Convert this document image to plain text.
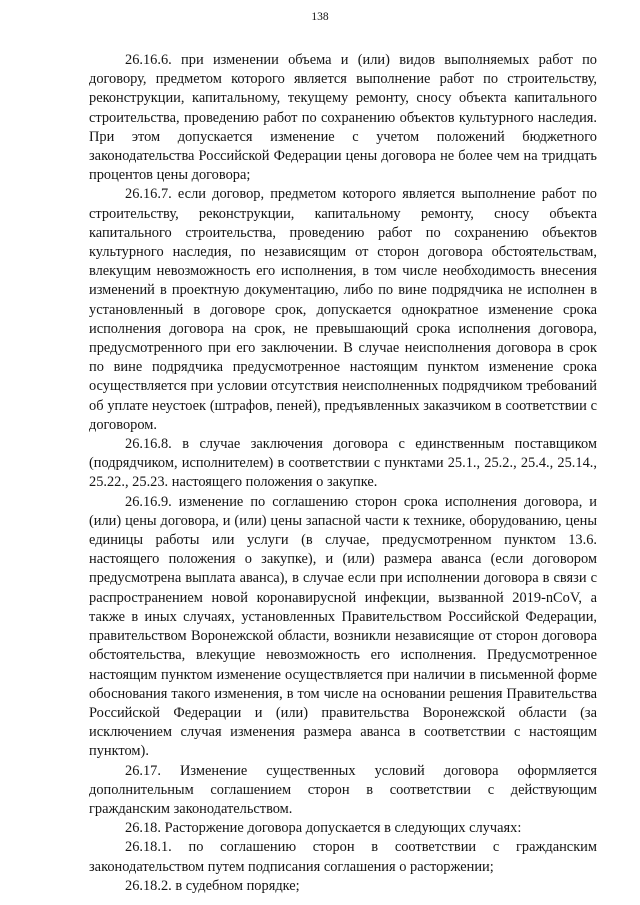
138

26.16.6. при изменении объема и (или) видов выполняемых работ по договору, предметом которого является выполнение работ по строительству, реконструкции, капитальному, текущему ремонту, сносу объекта капитального строительства, проведению работ по сохранению объектов культурного наследия. При этом допускается изменение с учетом положений бюджетного законодательства Российской Федерации цены договора не более чем на тридцать процентов цены договора;

26.16.7. если договор, предметом которого является выполнение работ по строительству, реконструкции, капитальному ремонту, сносу объекта капитального строительства, проведению работ по сохранению объектов культурного наследия, по независящим от сторон договора обстоятельствам, влекущим невозможность его исполнения, в том числе необходимость внесения изменений в проектную документацию, либо по вине подрядчика не исполнен в установленный в договоре срок, допускается однократное изменение срока исполнения договора на срок, не превышающий срока исполнения договора, предусмотренного при его заключении. В случае неисполнения договора в срок по вине подрядчика предусмотренное настоящим пунктом изменение срока осуществляется при условии отсутствия неисполненных подрядчиком требований об уплате неустоек (штрафов, пеней), предъявленных заказчиком в соответствии с договором.

26.16.8. в случае заключения договора с единственным поставщиком (подрядчиком, исполнителем) в соответствии с пунктами 25.1., 25.2., 25.4., 25.14., 25.22., 25.23. настоящего положения о закупке.

26.16.9. изменение по соглашению сторон срока исполнения договора, и (или) цены договора, и (или) цены запасной части к технике, оборудованию, цены единицы работы или услуги (в случае, предусмотренном пунктом 13.6. настоящего положения о закупке), и (или) размера аванса (если договором предусмотрена выплата аванса), в случае если при исполнении договора в связи с распространением новой коронавирусной инфекции, вызванной 2019-nCoV, а также в иных случаях, установленных Правительством Российской Федерации, правительством Воронежской области, возникли независящие от сторон договора обстоятельства, влекущие невозможность его исполнения. Предусмотренное настоящим пунктом изменение осуществляется при наличии в письменной форме обоснования такого изменения, в том числе на основании решения Правительства Российской Федерации и (или) правительства Воронежской области (за исключением случая изменения размера аванса в соответствии с настоящим пунктом).

26.17. Изменение существенных условий договора оформляется дополнительным соглашением сторон в соответствии с действующим гражданским законодательством.

26.18. Расторжение договора допускается в следующих случаях:

26.18.1. по соглашению сторон в соответствии с гражданским законодательством путем подписания соглашения о расторжении;

26.18.2. в судебном порядке;
